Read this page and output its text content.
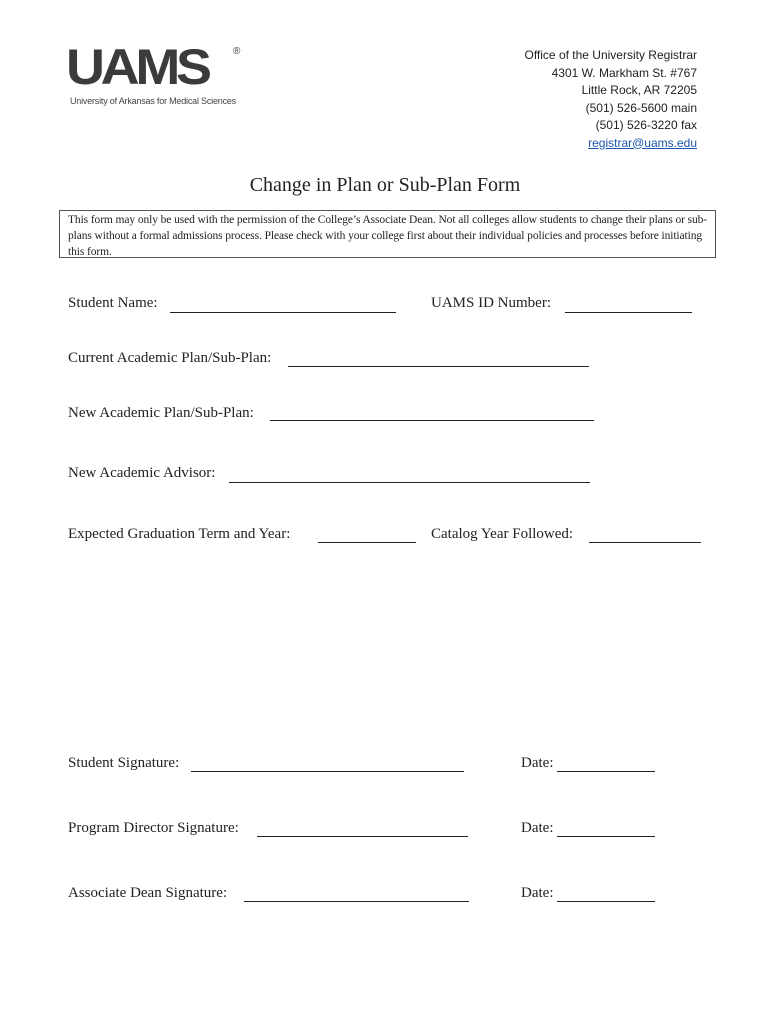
UAMS	®
University of Arkansas for Medical Sciences
Office of the University Registrar
4301 W. Markham St. #767
Little Rock, AR 72205
(501) 526-5600 main
(501) 526-3220 fax
registrar@uams.edu
Change in Plan or Sub-Plan Form
This form may only be used with the permission of the College’s Associate Dean. Not all colleges allow students to change their plans or sub-plans without a formal admissions process. Please check with your college first about their individual policies and processes before initiating this form.
Student Name:	UAMS ID Number:
Current Academic Plan/Sub-Plan:
New Academic Plan/Sub-Plan:
New Academic Advisor:
Expected Graduation Term and Year:	Catalog Year Followed:
Student Signature:	Date:
Program Director Signature:	Date:
Associate Dean Signature:	Date:
